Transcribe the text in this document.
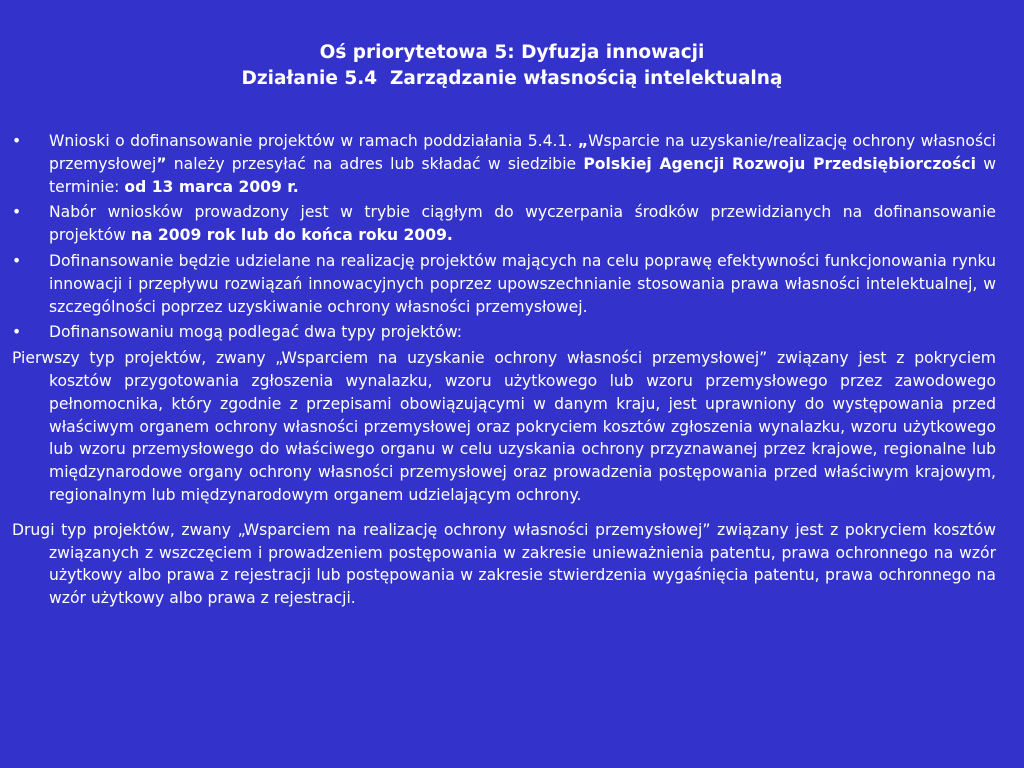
Oś priorytetowa 5: Dyfuzja innowacji
Działanie 5.4  Zarządzanie własnością intelektualną
• Wnioski o dofinansowanie projektów w ramach poddziałania 5.4.1. „Wsparcie na uzyskanie/realizację ochrony własności przemysłowej” należy przesyłać na adres lub składać w siedzibie Polskiej Agencji Rozwoju Przedsiębiorczości w terminie: od 13 marca 2009 r.
• Nabór wniosków prowadzony jest w trybie ciągłym do wyczerpania środków przewidzianych na dofinansowanie projektów na 2009 rok lub do końca roku 2009.
• Dofinansowanie będzie udzielane na realizację projektów mających na celu poprawę efektywności funkcjonowania rynku innowacji i przepływu rozwiązań innowacyjnych poprzez upowszechnianie stosowania prawa własności intelektualnej, w szczególności poprzez uzyskiwanie ochrony własności przemysłowej.
• Dofinansowaniu mogą podlegać dwa typy projektów:

Pierwszy typ projektów, zwany „Wsparciem na uzyskanie ochrony własności przemysłowej” związany jest z pokryciem kosztów przygotowania zgłoszenia wynalazku, wzoru użytkowego lub wzoru przemysłowego przez zawodowego pełnomocnika, który zgodnie z przepisami obowiązującymi w danym kraju, jest uprawniony do występowania przed właściwym organem ochrony własności przemysłowej oraz pokryciem kosztów zgłoszenia wynalazku, wzoru użytkowego lub wzoru przemysłowego do właściwego organu w celu uzyskania ochrony przyznawanej przez krajowe, regionalne lub międzynarodowe organy ochrony własności przemysłowej oraz prowadzenia postępowania przed właściwym krajowym, regionalnym lub międzynarodowym organem udzielającym ochrony.

Drugi typ projektów, zwany „Wsparciem na realizację ochrony własności przemysłowej” związany jest z pokryciem kosztów związanych z wszczęciem i prowadzeniem postępowania w zakresie unieważnienia patentu, prawa ochronnego na wzór użytkowy albo prawa z rejestracji lub postępowania w zakresie stwierdzenia wygaśnięcia patentu, prawa ochronnego na wzór użytkowy albo prawa z rejestracji.
